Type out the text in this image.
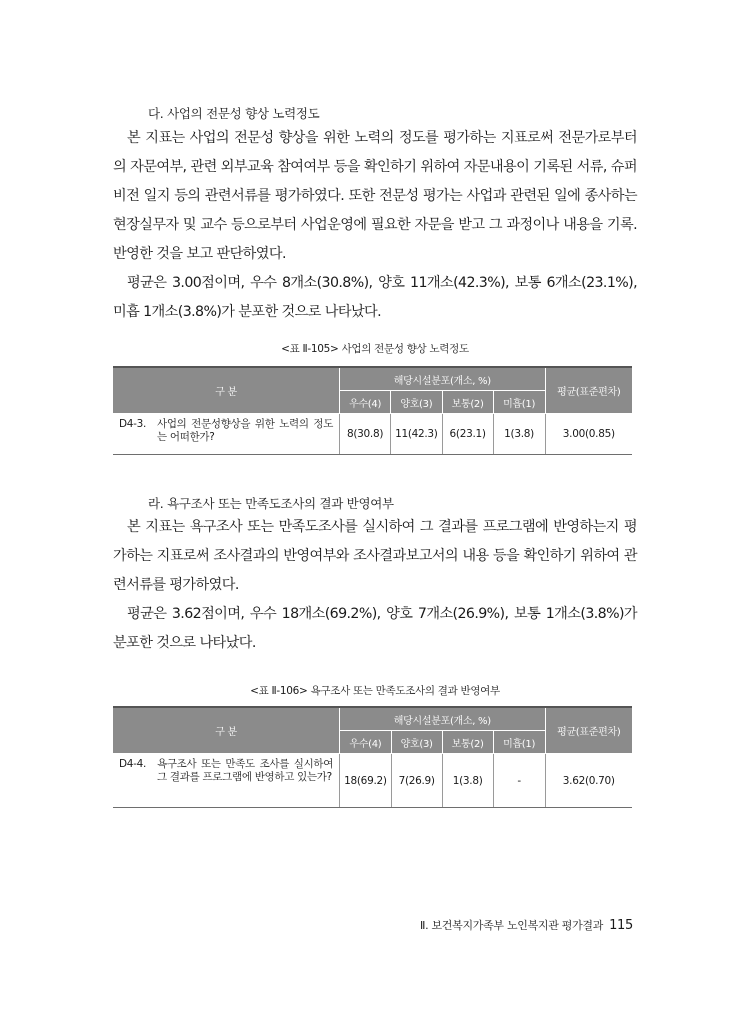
다. 사업의 전문성 향상 노력정도

본 지표는 사업의 전문성 향상을 위한 노력의 정도를 평가하는 지표로써 전문가로부터의 자문여부, 관련 외부교육 참여여부 등을 확인하기 위하여 자문내용이 기록된 서류, 슈퍼비전 일지 등의 관련서류를 평가하였다. 또한 전문성 평가는 사업과 관련된 일에 종사하는 현장실무자 및 교수 등으로부터 사업운영에 필요한 자문을 받고 그 과정이나 내용을 기록. 반영한 것을 보고 판단하였다.

평균은 3.00점이며, 우수 8개소(30.8%), 양호 11개소(42.3%), 보통 6개소(23.1%), 미흡 1개소(3.8%)가 분포한 것으로 나타났다.

<표 Ⅱ-105> 사업의 전문성 향상 노력정도
구 분	해당시설분포(개소, %)				평균(표준편차)
	우수(4)	양호(3)	보통(2)	미흡(1)	

D4-3. 사업의 전문성향상을 위한 노력의 정도는 어떠한가?	8(30.8)	11(42.3)	6(23.1)	1(3.8)	3.00(0.85)
라. 욕구조사 또는 만족도조사의 결과 반영여부

본 지표는 욕구조사 또는 만족도조사를 실시하여 그 결과를 프로그램에 반영하는지 평가하는 지표로써 조사결과의 반영여부와 조사결과보고서의 내용 등을 확인하기 위하여 관련서류를 평가하였다.

평균은 3.62점이며, 우수 18개소(69.2%), 양호 7개소(26.9%), 보통 1개소(3.8%)가 분포한 것으로 나타났다.

<표 Ⅱ-106> 욕구조사 또는 만족도조사의 결과 반영여부
구 분	해당시설분포(개소, %)				평균(표준편차)
	우수(4)	양호(3)	보통(2)	미흡(1)	

D4-4. 욕구조사 또는 만족도 조사를 실시하여 그 결과를 프로그램에 반영하고 있는가?	18(69.2)	7(26.9)	1(3.8)	-	3.62(0.70)
Ⅱ. 보건복지가족부 노인복지관 평가결과 115
